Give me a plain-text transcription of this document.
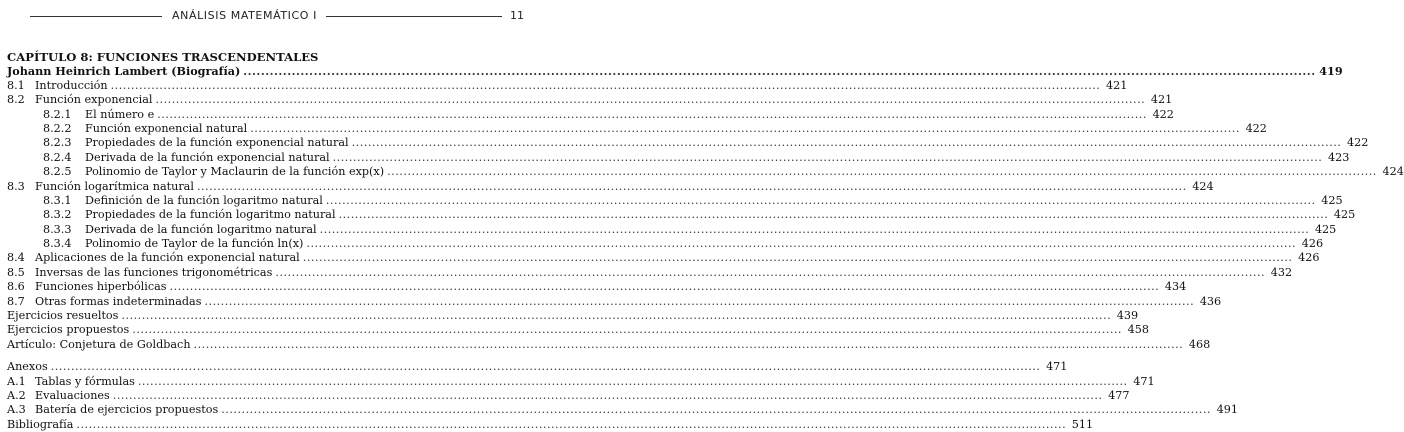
ANÁLISIS MATEMÁTICO I	11
CAPÍTULO 8: FUNCIONES TRASCENDENTALES
Johann Heinrich Lambert (Biografía) .....	419
8.1 Introducción .....	421
8.2 Función exponencial .....	421
8.2.1	El número e .....	422
8.2.2	Función exponencial natural .....	422
8.2.3	Propiedades de la función exponencial natural .....	422
8.2.4	Derivada de la función exponencial natural .....	423
8.2.5	Polinomio de Taylor y Maclaurin de la función exp(x) .....	424
8.3 Función logarítmica natural .....	424
8.3.1	Definición de la función logaritmo natural .....	425
8.3.2	Propiedades de la función logaritmo natural .....	425
8.3.3	Derivada de la función logaritmo natural .....	425
8.3.4	Polinomio de Taylor de la función ln(x) .....	426
8.4 Aplicaciones de la función exponencial natural .....	426
8.5 Inversas de las funciones trigonométricas .....	432
8.6 Funciones hiperbólicas .....	434
8.7 Otras formas indeterminadas .....	436
Ejercicios resueltos .....	439
Ejercicios propuestos .....	458
Artículo: Conjetura de Goldbach .....	468
Anexos .....	471
A.1 Tablas y fórmulas .....	471
A.2 Evaluaciones .....	477
A.3 Batería de ejercicios propuestos .....	491
Bibliografía .....	511
